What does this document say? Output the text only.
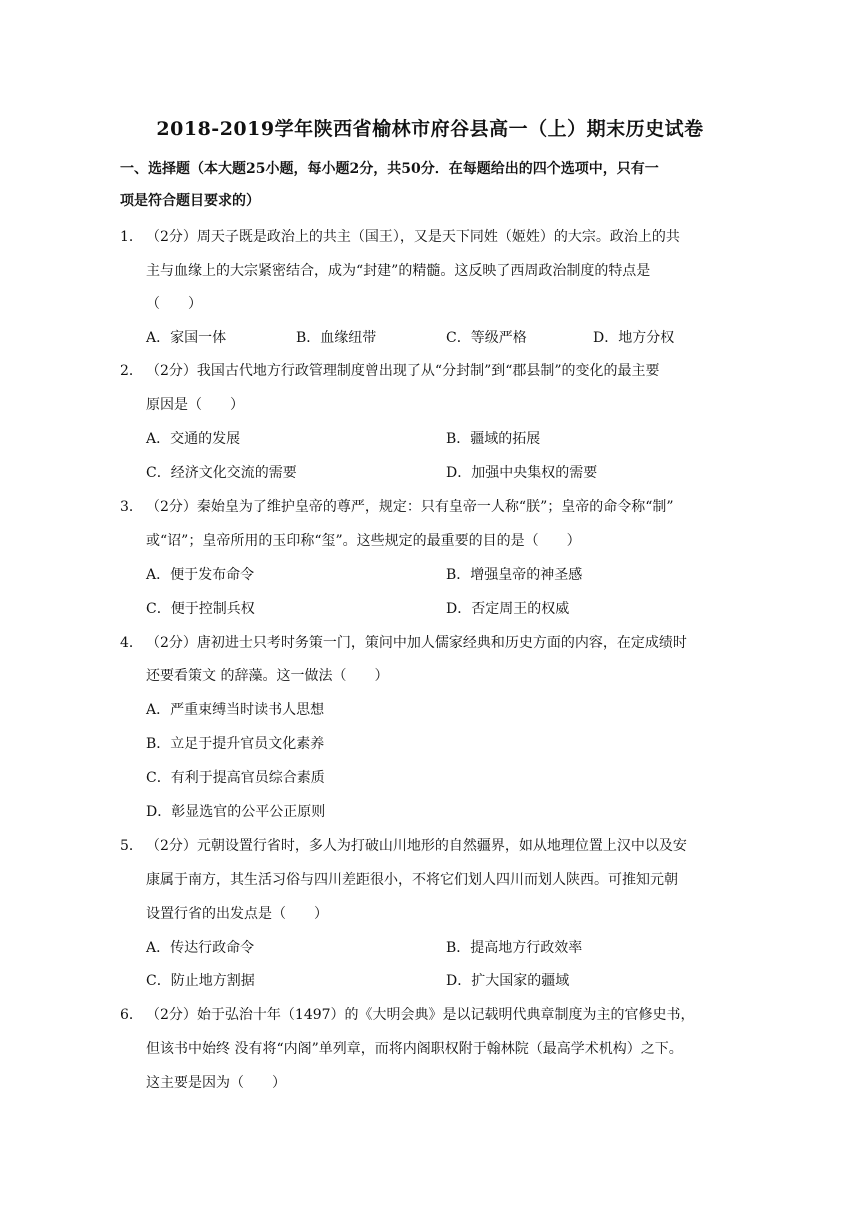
2018-2019学年陕西省榆林市府谷县高一（上）期末历史试卷
一、选择题（本大题25小题，每小题2分，共50分．在每题给出的四个选项中，只有一
项是符合题目要求的）
1． （2分）周天子既是政治上的共主（国王），又是天下同姓（姬姓）的大宗。政治上的共
主与血缘上的大宗紧密结合，成为“封建”的精髓。这反映了西周政治制度的特点是
（　　）
A．家国一体	B．血缘纽带	C．等级严格	D．地方分权
2． （2分）我国古代地方行政管理制度曾出现了从“分封制”到“郡县制”的变化的最主要
原因是（　　）
A．交通的发展	B．疆域的拓展
C．经济文化交流的需要	D．加强中央集权的需要
3． （2分）秦始皇为了维护皇帝的尊严，规定：只有皇帝一人称“朕”；皇帝的命令称“制”
或“诏”；皇帝所用的玉印称“玺”。这些规定的最重要的目的是（　　）
A．便于发布命令	B．增强皇帝的神圣感
C．便于控制兵权	D．否定周王的权威
4． （2分）唐初进士只考时务策一门，策问中加人儒家经典和历史方面的内容，在定成绩时
还要看策文 的辞藻。这一做法（　　）
A．严重束缚当时读书人思想
B．立足于提升官员文化素养
C．有利于提高官员综合素质
D．彰显选官的公平公正原则
5． （2分）元朝设置行省时，多人为打破山川地形的自然疆界，如从地理位置上汉中以及安
康属于南方，其生活习俗与四川差距很小，不将它们划人四川而划人陕西。可推知元朝
设置行省的出发点是（　　）
A．传达行政命令	B．提高地方行政效率
C．防止地方割据	D．扩大国家的疆域
6． （2分）始于弘治十年（1497）的《大明会典》是以记载明代典章制度为主的官修史书，
但该书中始终 没有将“内阁”单列章，而将内阁职权附于翰林院（最高学术机构）之下。
这主要是因为（　　）
